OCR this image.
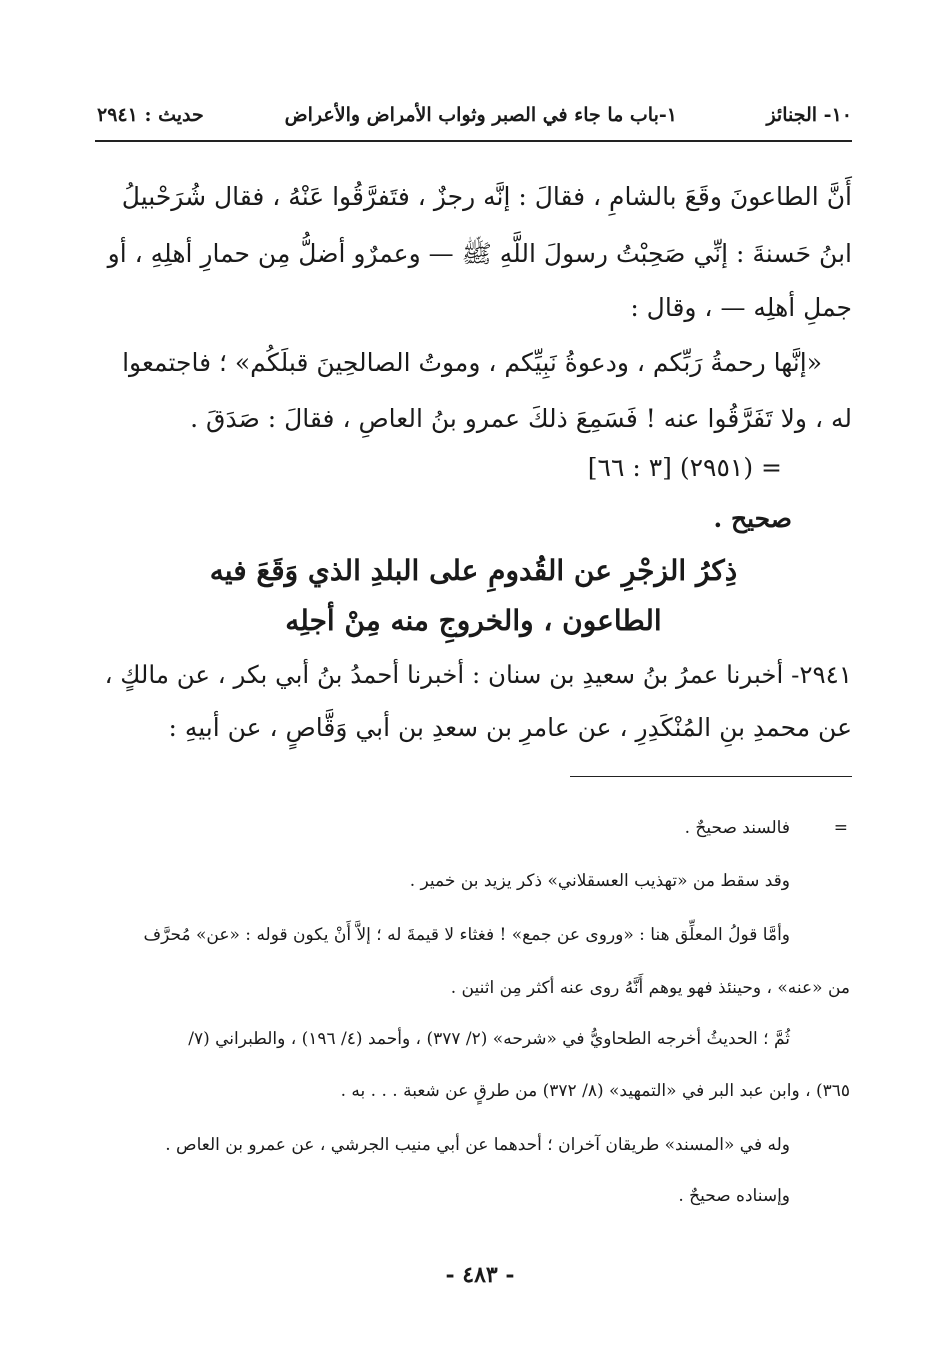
١٠- الجنائز
١-باب ما جاء في الصبر وثواب الأمراض والأعراض
حديث : ٢٩٤١
أَنَّ الطاعونَ وقَعَ بالشامِ ، فقالَ : إنَّه رجزٌ ، فتَفرَّقُوا عَنْهُ ، فقال شُرَحْبيلُ
ابنُ حَسنةَ : إنِّي صَحِبْتُ رسولَ اللَّهِ ﷺ — وعمرٌو أضلُّ مِن حمارِ أهلِهِ ، أو
جملِ أهلِه — ، وقال :
«إنَّها رحمةُ رَبِّكم ، ودعوةُ نَبِيِّكم ، وموتُ الصالحِينَ قبلَكُم» ؛ فاجتمعوا
له ، ولا تَفَرَّقُوا عنه ! فَسَمِعَ ذلكَ عمرو بنُ العاصِ ، فقالَ : صَدَقَ .
= (٢٩٥١) [٣ : ٦٦]
صحيح .
ذِكرُ الزجْرِ عن القُدومِ على البلدِ الذي وَقَعَ فيه
الطاعون ، والخروجِ منه مِنْ أجلِه
٢٩٤١- أخبرنا عمرُ بنُ سعيدِ بن سنان : أخبرنا أحمدُ بنُ أبي بكر ، عن مالكٍ ،
عن محمدِ بنِ المُنْكَدِرِ ، عن عامرِ بن سعدِ بن أبي وَقَّاصٍ ، عن أبيهِ :
=
فالسند صحيحٌ .
وقد سقط من «تهذيب العسقلاني» ذكر يزيد بن خمير .
وأمَّا قولُ المعلِّق هنا : «وروى عن جمع» ! فغثاء لا قيمةَ له ؛ إلاَّ أَنْ يكون قوله : «عن» مُحرَّف
من «عنه» ، وحينئذ فهو يوهم أَنَّهُ روى عنه أكثر مِن اثنين .
ثُمَّ ؛ الحديثُ أخرجه الطحاويُّ في «شرحه» (٢/ ٣٧٧) ، وأحمد (٤/ ١٩٦) ، والطبراني (٧/
٣٦٥) ، وابن عبد البر في «التمهيد» (٨/ ٣٧٢) من طرقٍ عن شعبة . . . به .
وله في «المسند» طريقان آخران ؛ أحدهما عن أبي منيب الجرشي ، عن عمرو بن العاص .
وإسناده صحيحٌ .
- ٤٨٣ -
